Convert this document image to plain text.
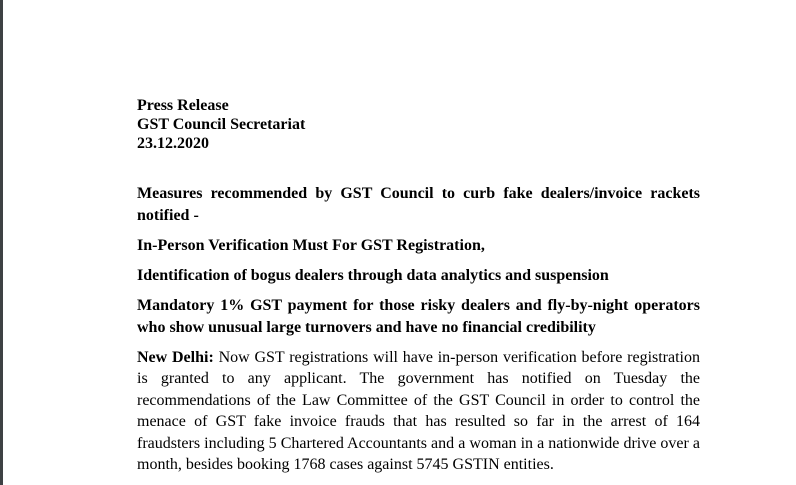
Press Release
GST Council Secretariat
23.12.2020

Measures recommended by GST Council to curb fake dealers/invoice rackets notified -

In-Person Verification Must For GST Registration,

Identification of bogus dealers through data analytics and suspension

Mandatory 1% GST payment for those risky dealers and fly-by-night operators who show unusual large turnovers and have no financial credibility

New Delhi: Now GST registrations will have in-person verification before registration is granted to any applicant. The government has notified on Tuesday the recommendations of the Law Committee of the GST Council in order to control the menace of GST fake invoice frauds that has resulted so far in the arrest of 164 fraudsters including 5 Chartered Accountants and a woman in a nationwide drive over a month, besides booking 1768 cases against 5745 GSTIN entities.
